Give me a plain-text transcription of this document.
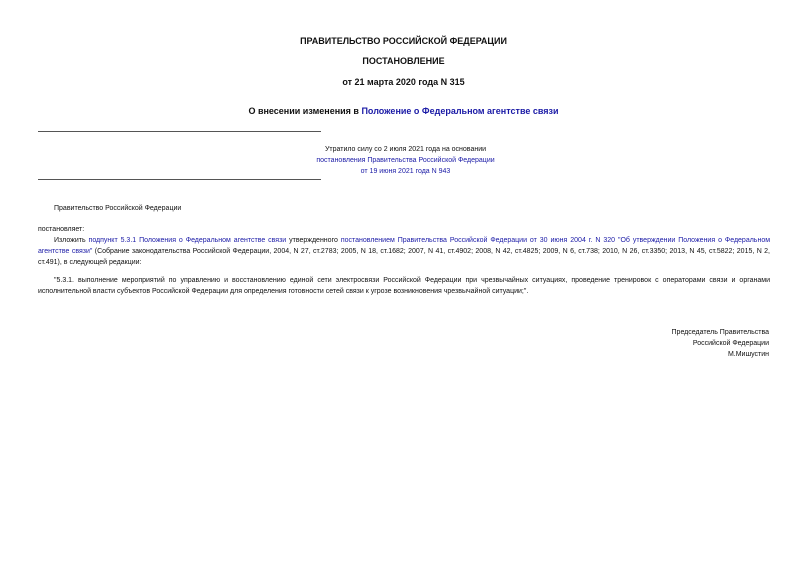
ПРАВИТЕЛЬСТВО РОССИЙСКОЙ ФЕДЕРАЦИИ
ПОСТАНОВЛЕНИЕ
от 21 марта 2020 года N 315
О внесении изменения в Положение о Федеральном агентстве связи
Утратило силу со 2 июля 2021 года на основании
постановления Правительства Российской Федерации
от 19 июня 2021 года N 943
Правительство Российской Федерации
постановляет:
Изложить подпункт 5.3.1 Положения о Федеральном агентстве связи утвержденного постановлением Правительства Российской Федерации от 30 июня 2004 г. N 320 "Об утверждении Положения о Федеральном агентстве связи" (Собрание законодательства Российской Федерации, 2004, N 27, ст.2783; 2005, N 18, ст.1682; 2007, N 41, ст.4902; 2008, N 42, ст.4825; 2009, N 6, ст.738; 2010, N 26, ст.3350; 2013, N 45, ст.5822; 2015, N 2, ст.491), в следующей редакции:
"5.3.1. выполнение мероприятий по управлению и восстановлению единой сети электросвязи Российской Федерации при чрезвычайных ситуациях, проведение тренировок с операторами связи и органами исполнительной власти субъектов Российской Федерации для определения готовности сетей связи к угрозе возникновения чрезвычайной ситуации;".
Председатель Правительства
Российской Федерации
М.Мишустин
